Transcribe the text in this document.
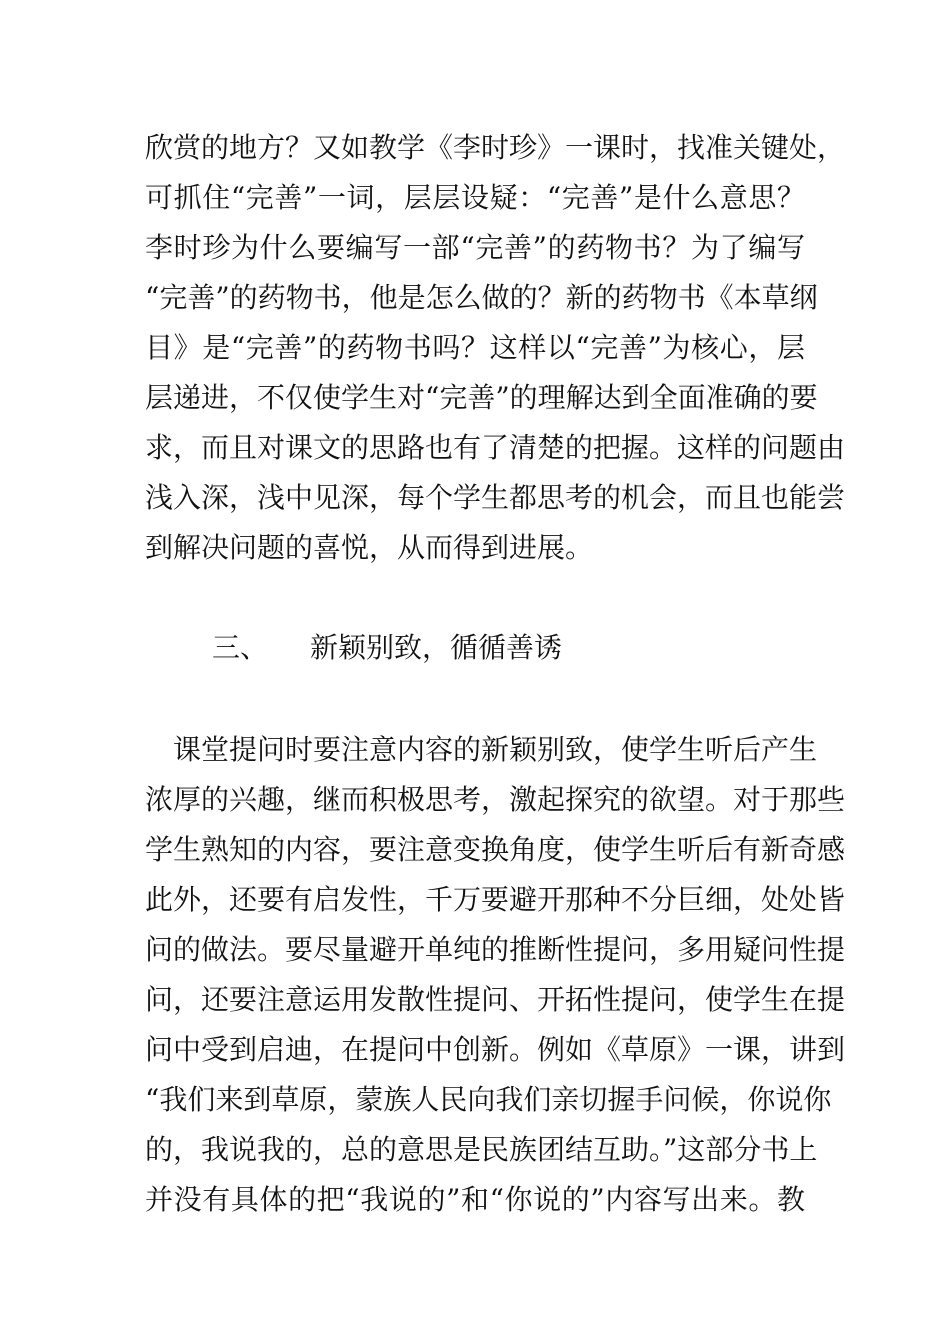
欣赏的地方？又如教学《李时珍》一课时，找准关键处，
可抓住“完善”一词，层层设疑：“完善”是什么意思？
李时珍为什么要编写一部“完善”的药物书？为了编写
“完善”的药物书，他是怎么做的？新的药物书《本草纲
目》是“完善”的药物书吗？这样以“完善”为核心，层
层递进，不仅使学生对“完善”的理解达到全面准确的要
求，而且对课文的思路也有了清楚的把握。这样的问题由
浅入深，浅中见深，每个学生都思考的机会，而且也能尝
到解决问题的喜悦，从而得到进展。
三、 新颖别致，循循善诱
　课堂提问时要注意内容的新颖别致，使学生听后产生
浓厚的兴趣，继而积极思考，激起探究的欲望。对于那些
学生熟知的内容，要注意变换角度，使学生听后有新奇感
此外，还要有启发性，千万要避开那种不分巨细，处处皆
问的做法。要尽量避开单纯的推断性提问，多用疑问性提
问，还要注意运用发散性提问、开拓性提问，使学生在提
问中受到启迪，在提问中创新。例如《草原》一课，讲到
“我们来到草原，蒙族人民向我们亲切握手问候，你说你
的，我说我的，总的意思是民族团结互助。”这部分书上
并没有具体的把“我说的”和“你说的”内容写出来。教
